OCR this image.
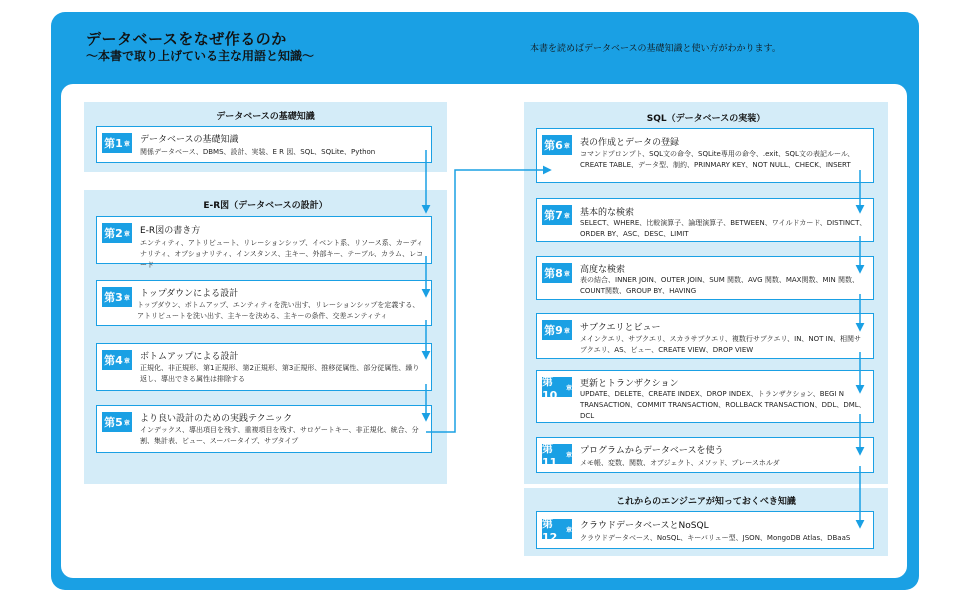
データベースをなぜ作るのか
～本書で取り上げている主な用語と知識～	本書を読めばデータベースの基礎知識と使い方がわかります。
データベースの基礎知識
E-R図（データベースの設計）
SQL（データベースの実装）
これからのエンジニアが知っておくべき知識
第1 章 データベースの基礎知識
関係データベース、DBMS、設計、実装、E R 図、SQL、SQLite、Python
第2 章 E-R図の書き方
エンティティ、アトリビュート、リレーションシップ、イベント系、リソース系、カーディナリティ、オプショナリティ、インスタンス、主キー、外部キー、テーブル、カラム、レコード
第3 章 トップダウンによる設計
トップダウン、ボトムアップ、エンティティを洗い出す、リレーションシップを定義する、アトリビュートを洗い出す、主キーを決める、主キーの条件、交差エンティティ
第4 章 ボトムアップによる設計
正規化、非正規形、第1正規形、第2正規形、第3正規形、推移従属性、部分従属性、繰り返し、導出できる属性は排除する
第5 章 より良い設計のための実践テクニック
インデックス、導出項目を残す、重複項目を残す、サロゲートキー、非正規化、統合、分割、集計表、ビュー、スーパータイプ、サブタイプ
第6 章 表の作成とデータの登録
コマンドプロンプト、SQL文の命令、SQLite専用の命令、.exit、SQL文の表記ルール、CREATE TABLE、データ型、制約、PRINMARY KEY、NOT NULL、CHECK、INSERT
第7 章 基本的な検索
SELECT、WHERE、比較演算子、論理演算子、BETWEEN、ワイルドカード、DISTINCT、ORDER BY、ASC、DESC、LIMIT
第8 章 高度な検索
表の結合、INNER JOIN、OUTER JOIN、SUM 関数、AVG 関数、MAX関数、MIN 関数、COUNT関数、GROUP BY、HAVING
第9 章 サブクエリとビュー
メインクエリ、サブクエリ、スカラサブクエリ、複数行サブクエリ、IN、NOT IN、相関サブクエリ、AS、ビュー、CREATE VIEW、DROP VIEW
第10
章 更新とトランザクション
UPDATE、DELETE、CREATE INDEX、DROP INDEX、トランザクション、BEGI N TRANSACTION、COMMIT TRANSACTION、ROLLBACK TRANSACTION、DDL、DML、DCL
第11
章 プログラムからデータベースを使う
メモ帳、変数、関数、オブジェクト、メソッド、プレースホルダ
第12
章 クラウドデータベースとNoSQL
クラウドデータベース、NoSQL、キーバリュー型、JSON、MongoDB Atlas、DBaaS
